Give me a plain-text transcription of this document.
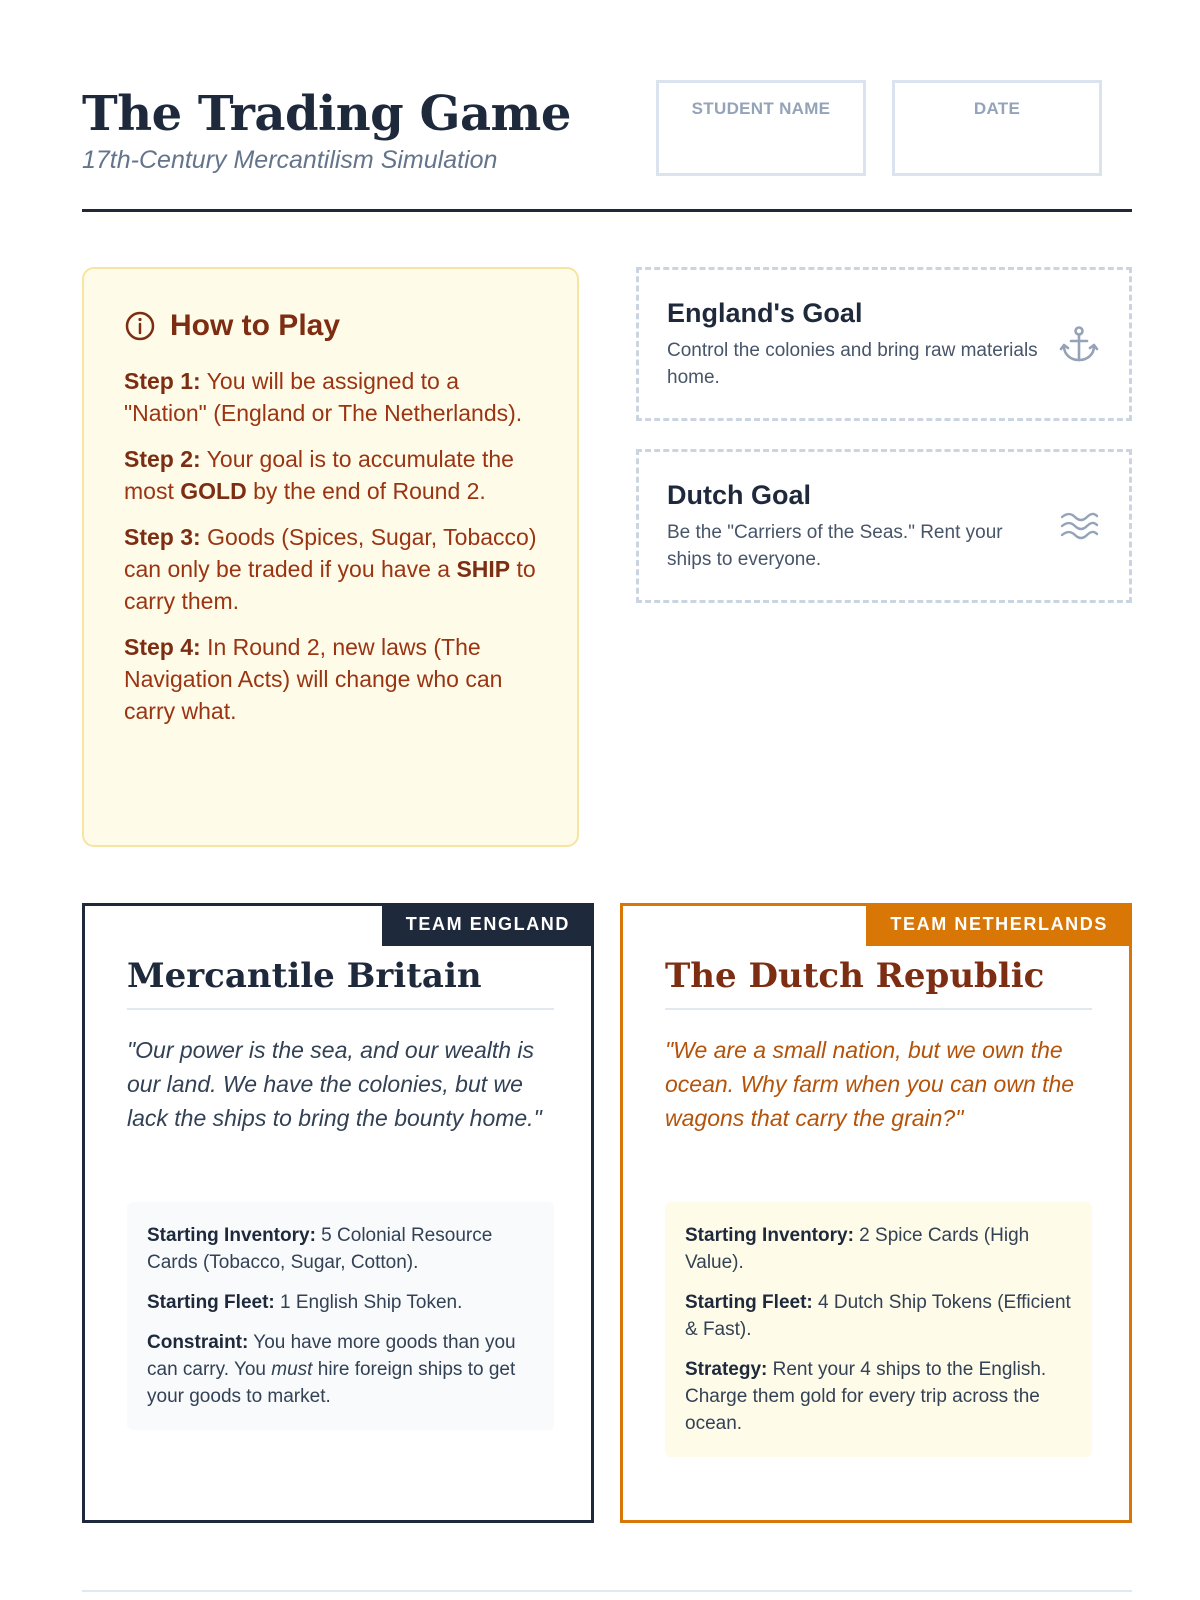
The Trading Game

17th-Century Mercantilism Simulation

STUDENT NAME	DATE
How to Play

Step 1: You will be assigned to a "Nation" (England or The Netherlands).

Step 2: Your goal is to accumulate the most GOLD by the end of Round 2.

Step 3: Goods (Spices, Sugar, Tobacco) can only be traded if you have a SHIP to carry them.

Step 4: In Round 2, new laws (The Navigation Acts) will change who can carry what.

England's Goal

Control the colonies and bring raw materials home.

Dutch Goal

Be the "Carriers of the Seas." Rent your ships to everyone.

TEAM ENGLAND
Mercantile Britain

"Our power is the sea, and our wealth is our land. We have the colonies, but we lack the ships to bring the bounty home."

Starting Inventory: 5 Colonial Resource Cards (Tobacco, Sugar, Cotton).

Starting Fleet: 1 English Ship Token.

Constraint: You have more goods than you can carry. You must hire foreign ships to get your goods to market.

TEAM NETHERLANDS
The Dutch Republic

"We are a small nation, but we own the ocean. Why farm when you can own the wagons that carry the grain?"

Starting Inventory: 2 Spice Cards (High Value).

Starting Fleet: 4 Dutch Ship Tokens (Efficient & Fast).

Strategy: Rent your 4 ships to the English. Charge them gold for every trip across the ocean.
